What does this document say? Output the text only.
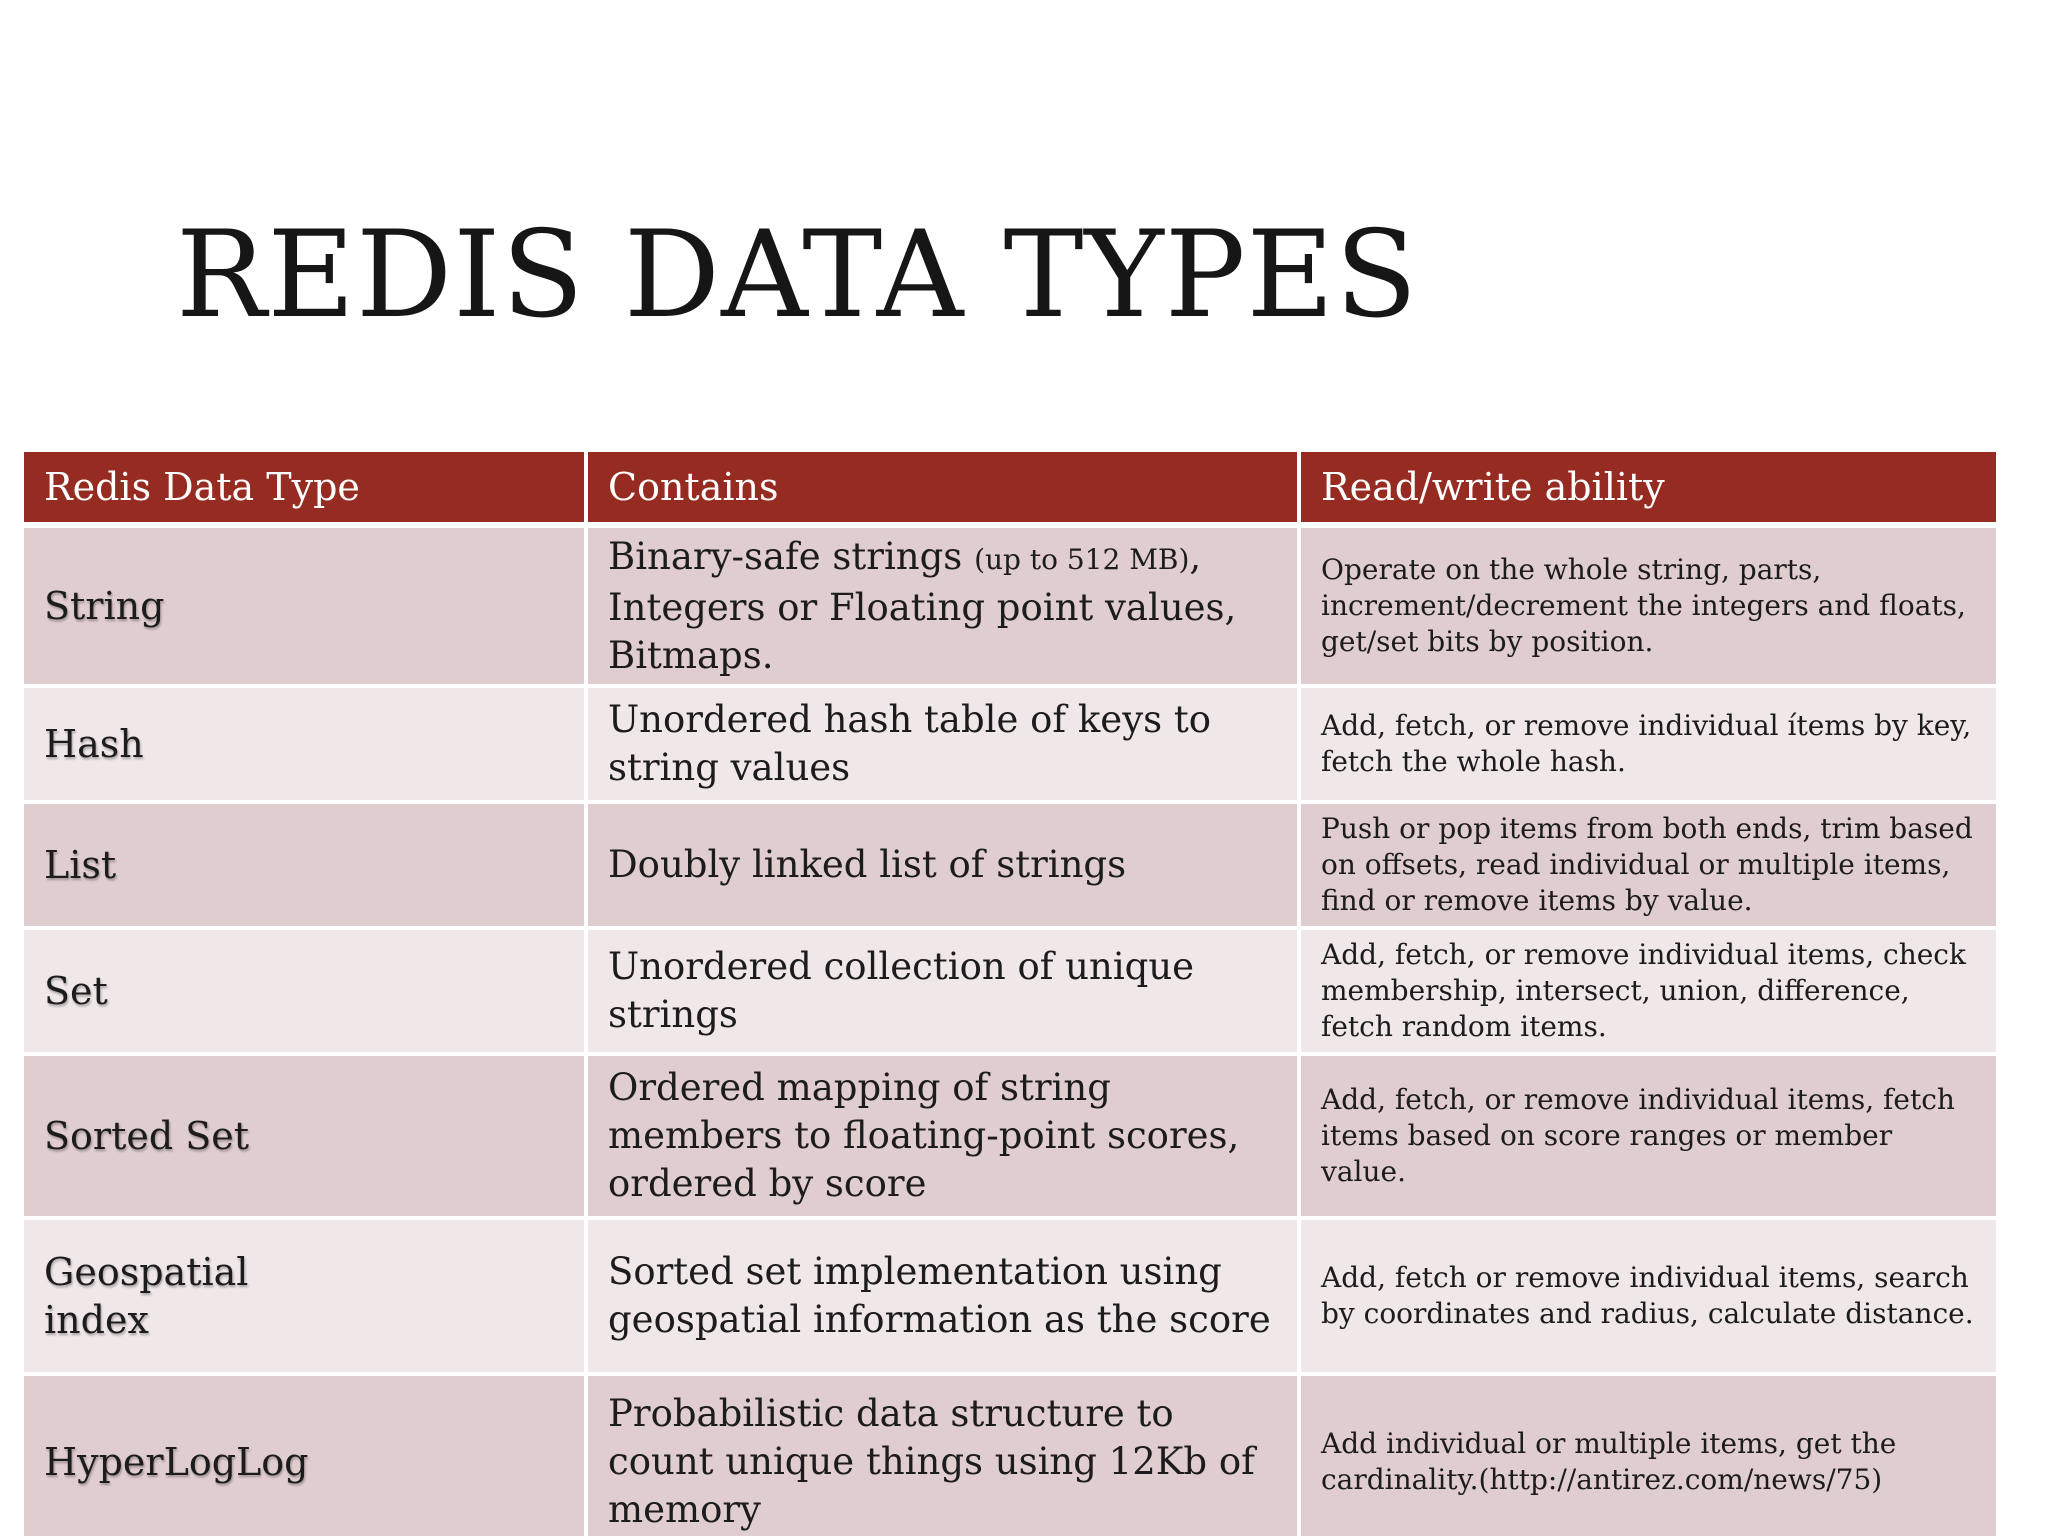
REDIS DATA TYPES
Redis Data Type	Contains	Read/write ability
String	Binary-safe strings (up to 512 MB), Integers or Floating point values, Bitmaps.	Operate on the whole string, parts, increment/decrement the integers and floats, get/set bits by position.
Hash	Unordered hash table of keys to string values	Add, fetch, or remove individual ítems by key, fetch the whole hash.
List	Doubly linked list of strings	Push or pop items from both ends, trim based on offsets, read individual or multiple items, find or remove items by value.
Set	Unordered collection of unique strings	Add, fetch, or remove individual items, check membership, intersect, union, difference, fetch random items.
Sorted Set	Ordered mapping of string members to floating-point scores, ordered by score	Add, fetch, or remove individual items, fetch items based on score ranges or member value.
Geospatial index	Sorted set implementation using geospatial information as the score	Add, fetch or remove individual items, search by coordinates and radius, calculate distance.
HyperLogLog	Probabilistic data structure to count unique things using 12Kb of memory	Add individual or multiple items, get the cardinality.(http://antirez.com/news/75)
